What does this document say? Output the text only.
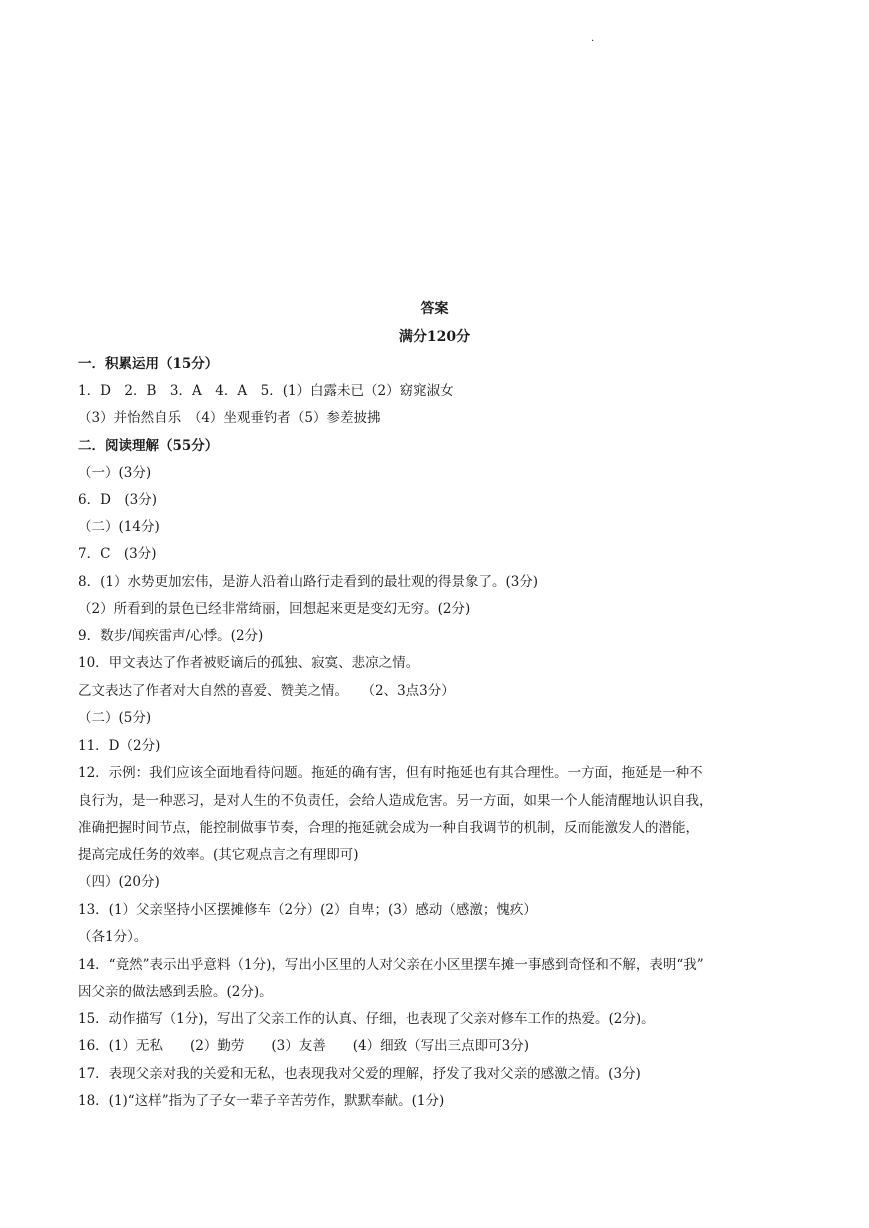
.
答案
满分120分
一．积累运用（15分）
1．D　2．B　3．A　4．A　5．(1）白露未已（2）窈窕淑女
（3）并怡然自乐　（4）坐观垂钓者（5）参差披拂
二．阅读理解（55分）
（一）(3分)
6．D　(3分)
（二）(14分)
7．C　(3分)
8．(1）水势更加宏伟，是游人沿着山路行走看到的最壮观的得景象了。(3分)
（2）所看到的景色已经非常绮丽，回想起来更是变幻无穷。(2分)
9．数步/闻疾雷声/心悸。(2分)
10．甲文表达了作者被贬谪后的孤独、寂寞、悲凉之情。
乙文表达了作者对大自然的喜爱、赞美之情。　　（2、3点3分）
（二）(5分)
11．D（2分)
12．示例：我们应该全面地看待问题。拖延的确有害，但有时拖延也有其合理性。一方面，拖延是一种不
良行为，是一种恶习，是对人生的不负责任，会给人造成危害。另一方面，如果一个人能清醒地认识自我，
准确把握时间节点，能控制做事节奏，合理的拖延就会成为一种自我调节的机制，反而能激发人的潜能，
提高完成任务的效率。(其它观点言之有理即可)
（四）(20分)
13．(1）父亲坚持小区摆摊修车（2分）(2）自卑；(3）感动（感激；愧疚）
（各1分）。
14．“竟然”表示出乎意料（1分)，写出小区里的人对父亲在小区里摆车摊一事感到奇怪和不解，表明“我”
因父亲的做法感到丢脸。(2分)。
15．动作描写（1分)，写出了父亲工作的认真、仔细，也表现了父亲对修车工作的热爱。(2分)。
16．(1）无私　　(2）勤劳　　(3）友善　　(4）细致（写出三点即可3分)
17．表现父亲对我的关爱和无私，也表现我对父爱的理解，抒发了我对父亲的感激之情。(3分)
18．(1)“这样”指为了子女一辈子辛苦劳作，默默奉献。(1分)
